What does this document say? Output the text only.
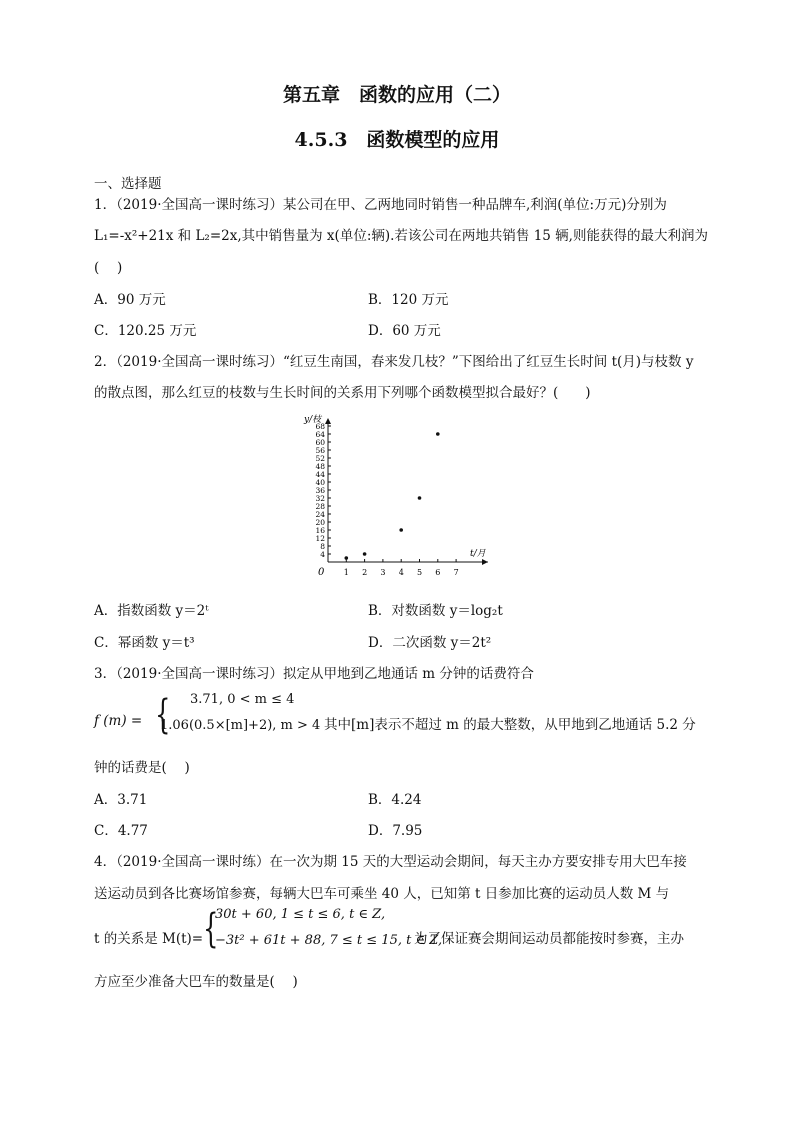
第五章　函数的应用（二）
4.5.3　函数模型的应用
一、选择题
1．（2019·全国高一课时练习）某公司在甲、乙两地同时销售一种品牌车,利润(单位:万元)分别为
L₁=-x²+21x 和 L₂=2x,其中销售量为 x(单位:辆).若该公司在两地共销售 15 辆,则能获得的最大利润为
(　 )
A．90 万元	B．120 万元
C．120.25 万元	D．60 万元
2．（2019·全国高一课时练习）“红豆生南国，春来发几枝？”下图给出了红豆生长时间 t(月)与枝数 y
的散点图，那么红豆的枝数与生长时间的关系用下列哪个函数模型拟合最好？(　　)
0 1 2 3 4 5 6 7
4
8
12
16
20
24
28
32
36
40
44
48
52
56
60
64
68
t/月
y/枝
A．指数函数 y＝2ᵗ	B．对数函数 y＝log₂t
C．幂函数 y＝t³	D．二次函数 y＝2t²
3．（2019·全国高一课时练习）拟定从甲地到乙地通话 m 分钟的话费符合
f (m) = { 3.71, 0 < m ≤ 4
1.06(0.5×[m]+2), m > 4 其中[m]表示不超过 m 的最大整数，从甲地到乙地通话 5.2 分
钟的话费是(　 )
A．3.71	B．4.24
C．4.77	D．7.95
4．（2019·全国高一课时练）在一次为期 15 天的大型运动会期间，每天主办方要安排专用大巴车接
送运动员到各比赛场馆参赛，每辆大巴车可乘坐 40 人，已知第 t 日参加比赛的运动员人数 M 与
t 的关系是 M(t)= {
30t + 60, 1 ≤ t ≤ 6, t ∈ Z,
−3t² + 61t + 88, 7 ≤ t ≤ 15, t ∈ Z,
为了保证赛会期间运动员都能按时参赛，主办
方应至少准备大巴车的数量是(　 )
